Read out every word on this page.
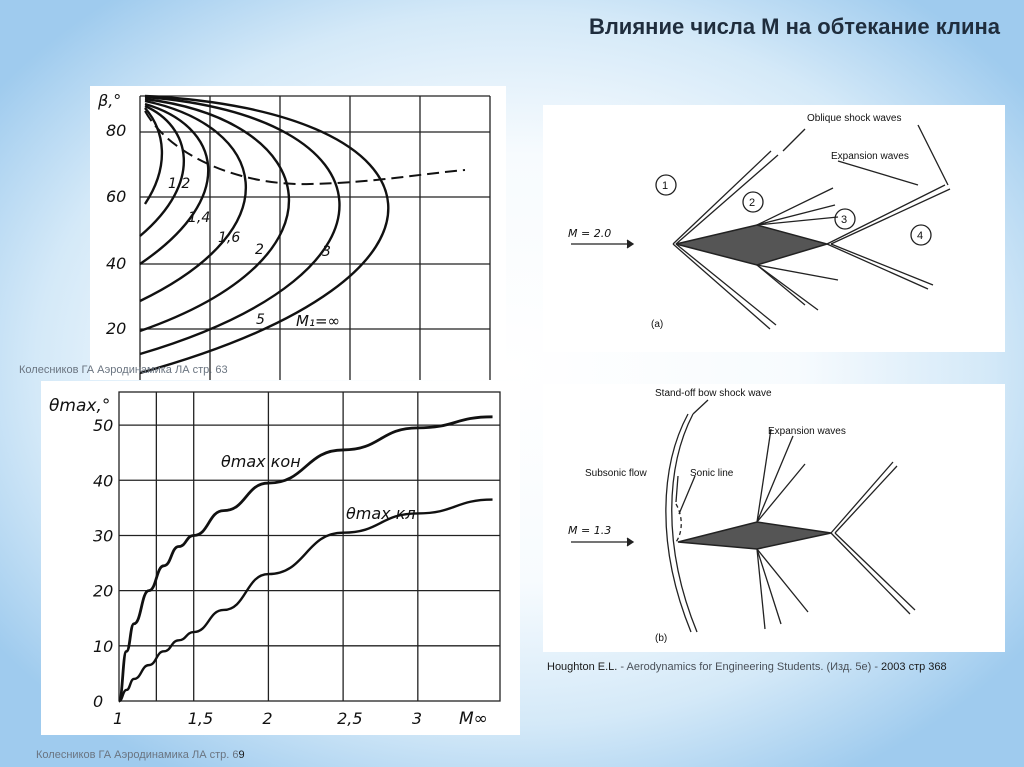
Влияние числа М на обтекание клина
β,°
80
60
40
20
1,2
1,4
1,6
2	3
5 M₁=∞
Колесников ГА Аэродинамика ЛА стр. 63
0
10
20
30
40
50
1	1,5	2	2,5	3
θmax,°
M∞
θmax кон
θmax кл
Колесников ГА Аэродинамика ЛА стр. 69
(a)
M = 2.0
Oblique shock waves
Expansion waves
1
2
3
4
(b)
M = 1.3
Stand-off bow shock wave
Expansion waves
Subsonic flow	Sonic line
Houghton E.L. - Aerodynamics for Engineering Students. (Изд. 5е) - 2003 стр 368
